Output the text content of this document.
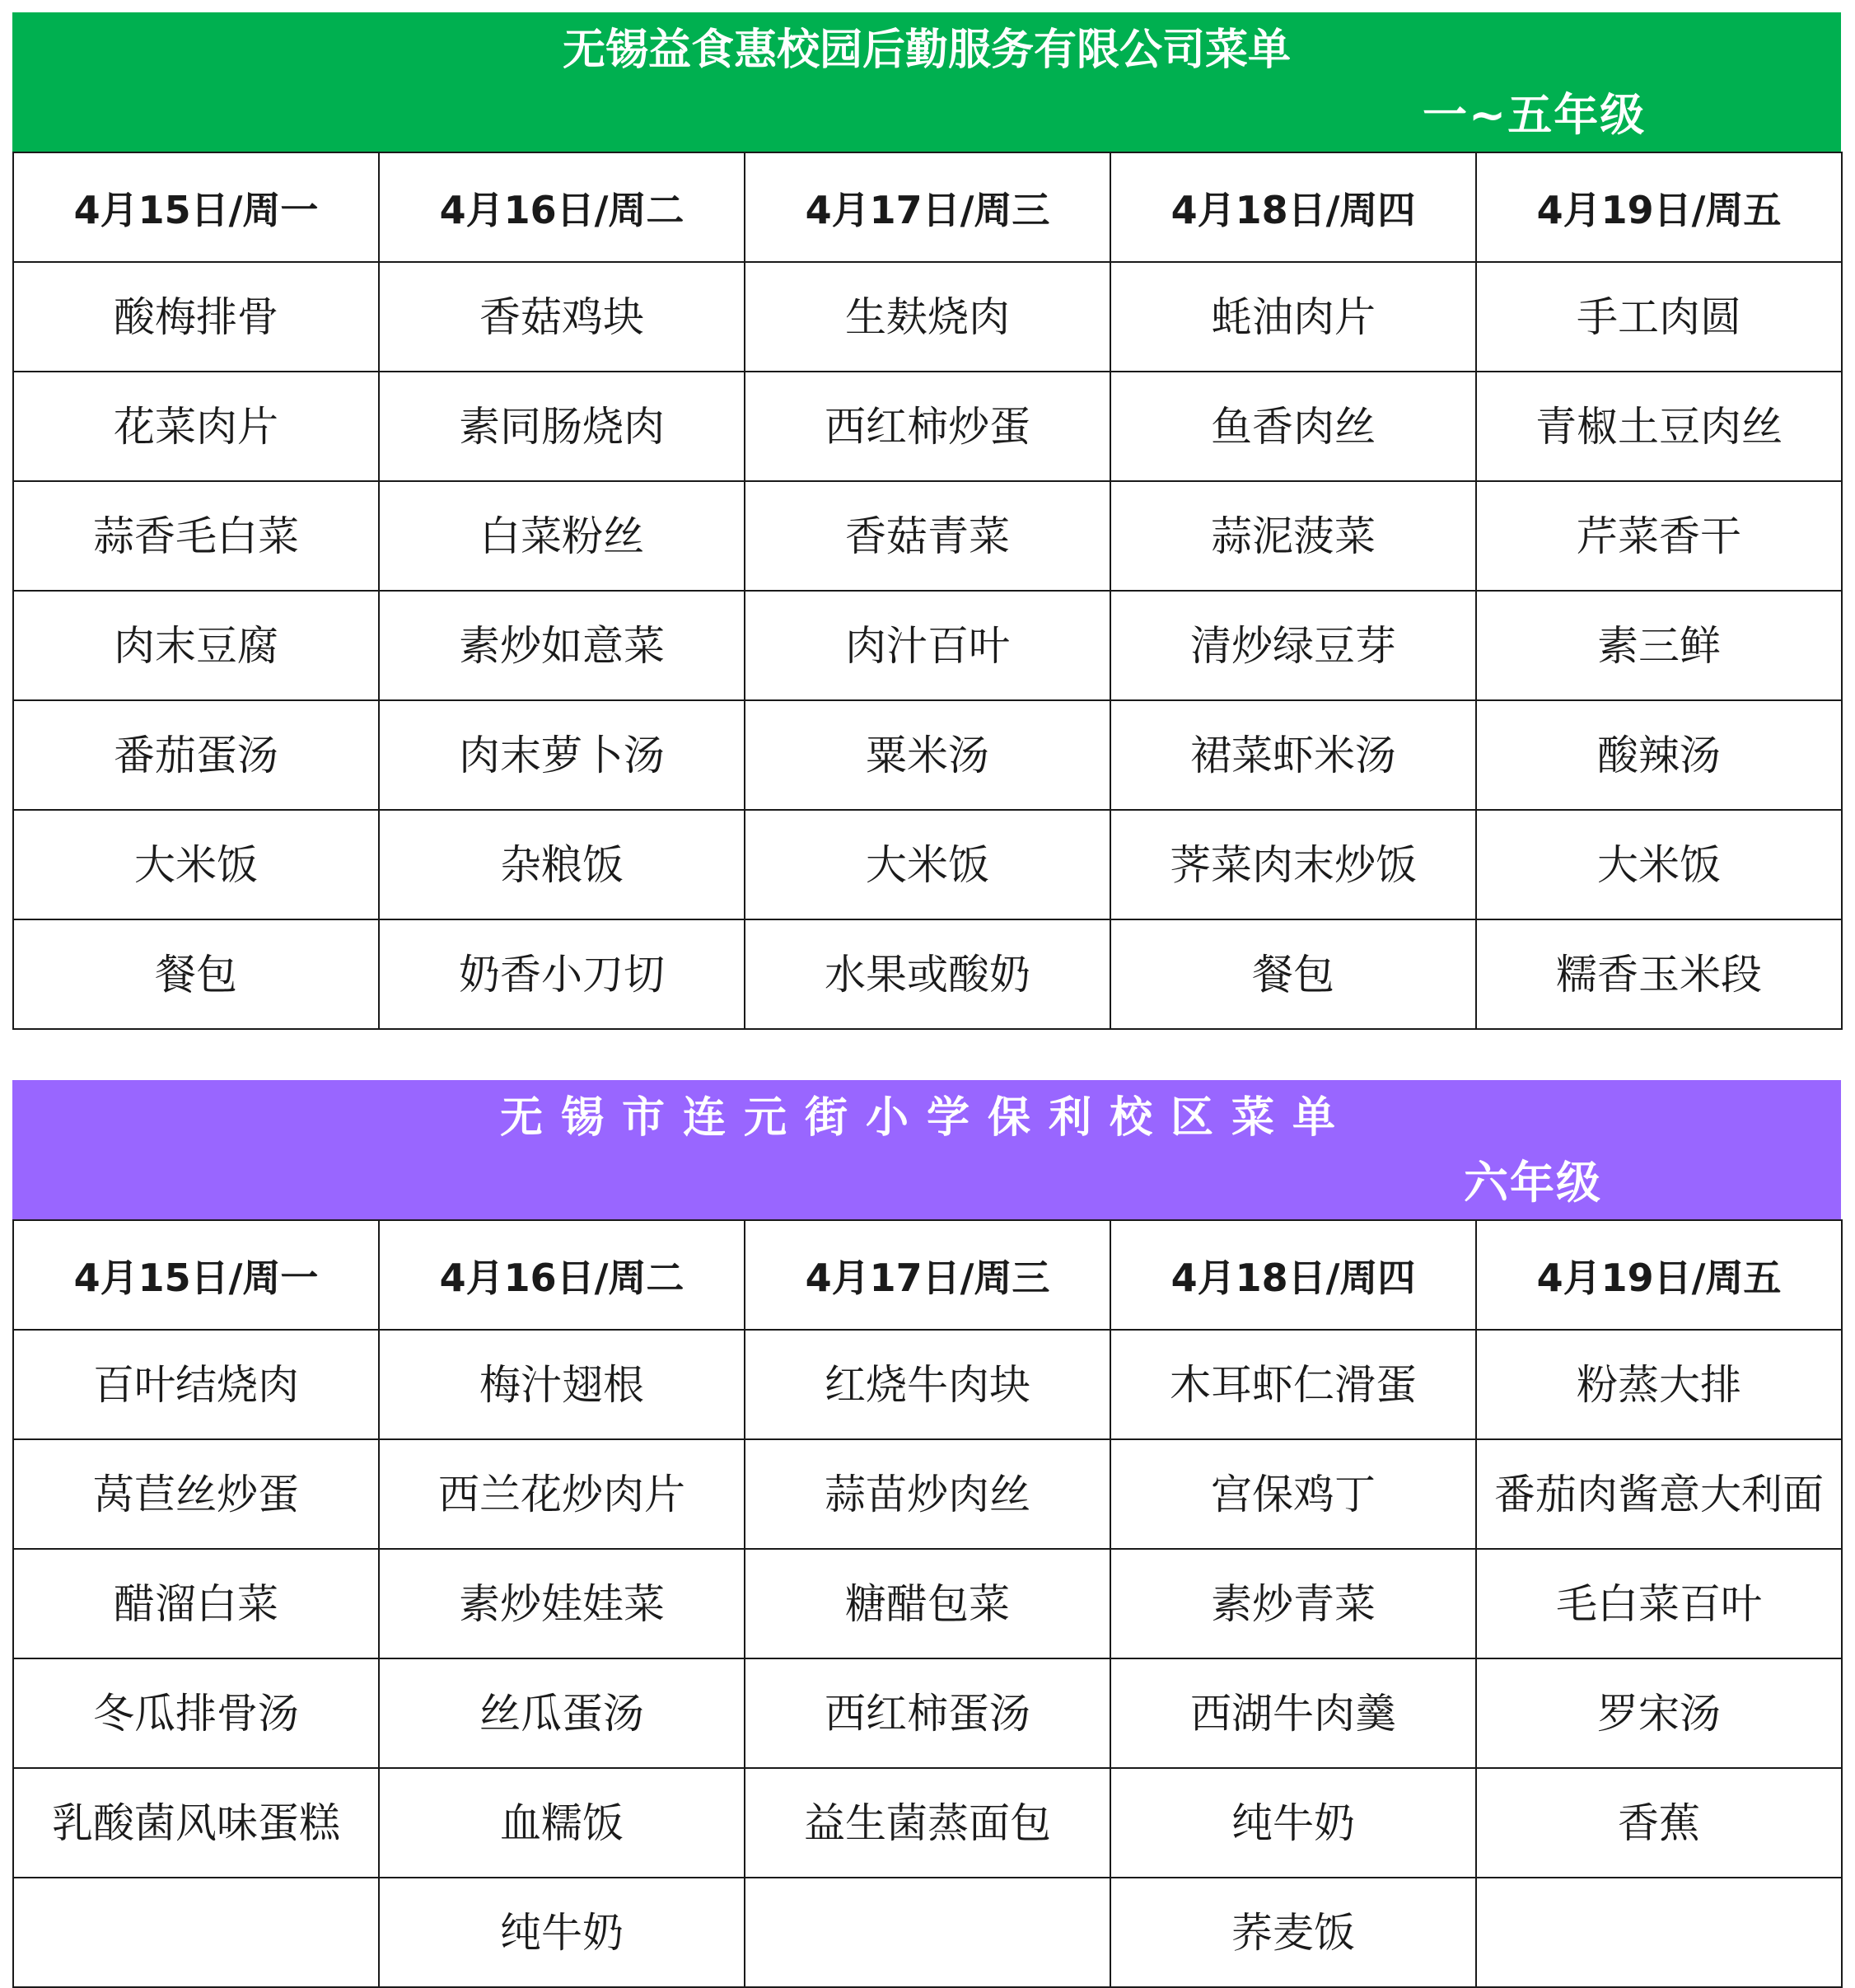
无锡益食惠校园后勤服务有限公司菜单
一~五年级
4月15日/周一	4月16日/周二	4月17日/周三	4月18日/周四	4月19日/周五
酸梅排骨	香菇鸡块	生麸烧肉	蚝油肉片	手工肉圆
花菜肉片	素同肠烧肉	西红柿炒蛋	鱼香肉丝	青椒土豆肉丝
蒜香毛白菜	白菜粉丝	香菇青菜	蒜泥菠菜	芹菜香干
肉末豆腐	素炒如意菜	肉汁百叶	清炒绿豆芽	素三鲜
番茄蛋汤	肉末萝卜汤	粟米汤	裙菜虾米汤	酸辣汤
大米饭	杂粮饭	大米饭	荠菜肉末炒饭	大米饭
餐包	奶香小刀切	水果或酸奶	餐包	糯香玉米段
无锡市连元街小学保利校区菜单
六年级
4月15日/周一	4月16日/周二	4月17日/周三	4月18日/周四	4月19日/周五
百叶结烧肉	梅汁翅根	红烧牛肉块	木耳虾仁滑蛋	粉蒸大排
莴苣丝炒蛋	西兰花炒肉片	蒜苗炒肉丝	宫保鸡丁	番茄肉酱意大利面
醋溜白菜	素炒娃娃菜	糖醋包菜	素炒青菜	毛白菜百叶
冬瓜排骨汤	丝瓜蛋汤	西红柿蛋汤	西湖牛肉羹	罗宋汤
乳酸菌风味蛋糕	血糯饭	益生菌蒸面包	纯牛奶	香蕉
	纯牛奶		荞麦饭	
